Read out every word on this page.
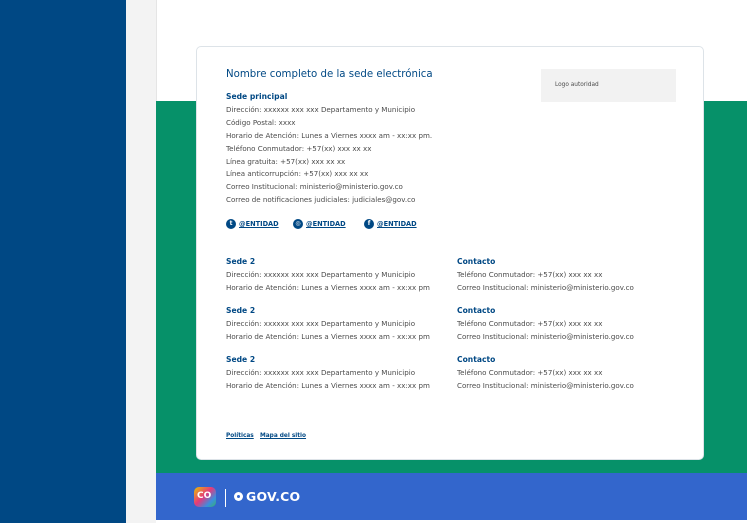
Nombre completo de la sede electrónica
Logo autoridad
Sede principal
Dirección: xxxxxx xxx xxx Departamento y Municipio
Código Postal: xxxx
Horario de Atención: Lunes a Viernes xxxx am - xx:xx pm.
Teléfono Conmutador: +57(xx) xxx xx xx
Línea gratuita: +57(xx) xxx xx xx
Línea anticorrupción: +57(xx) xxx xx xx
Correo Institucional: ministerio@ministerio.gov.co
Correo de notificaciones judiciales: judiciales@gov.co
t @ENTIDAD	◎ @ENTIDAD	f	@ENTIDAD
Sede 2
Dirección: xxxxxx xxx xxx Departamento y Municipio
Horario de Atención: Lunes a Viernes xxxx am - xx:xx pm
Contacto
Teléfono Conmutador: +57(xx) xxx xx xx
Correo Institucional: ministerio@ministerio.gov.co
Sede 2
Dirección: xxxxxx xxx xxx Departamento y Municipio
Horario de Atención: Lunes a Viernes xxxx am - xx:xx pm
Contacto
Teléfono Conmutador: +57(xx) xxx xx xx
Correo Institucional: ministerio@ministerio.gov.co
Sede 2
Dirección: xxxxxx xxx xxx Departamento y Municipio
Horario de Atención: Lunes a Viernes xxxx am - xx:xx pm
Contacto
Teléfono Conmutador: +57(xx) xxx xx xx
Correo Institucional: ministerio@ministerio.gov.co
Políticas Mapa del sitio
CO	GOV.CO
